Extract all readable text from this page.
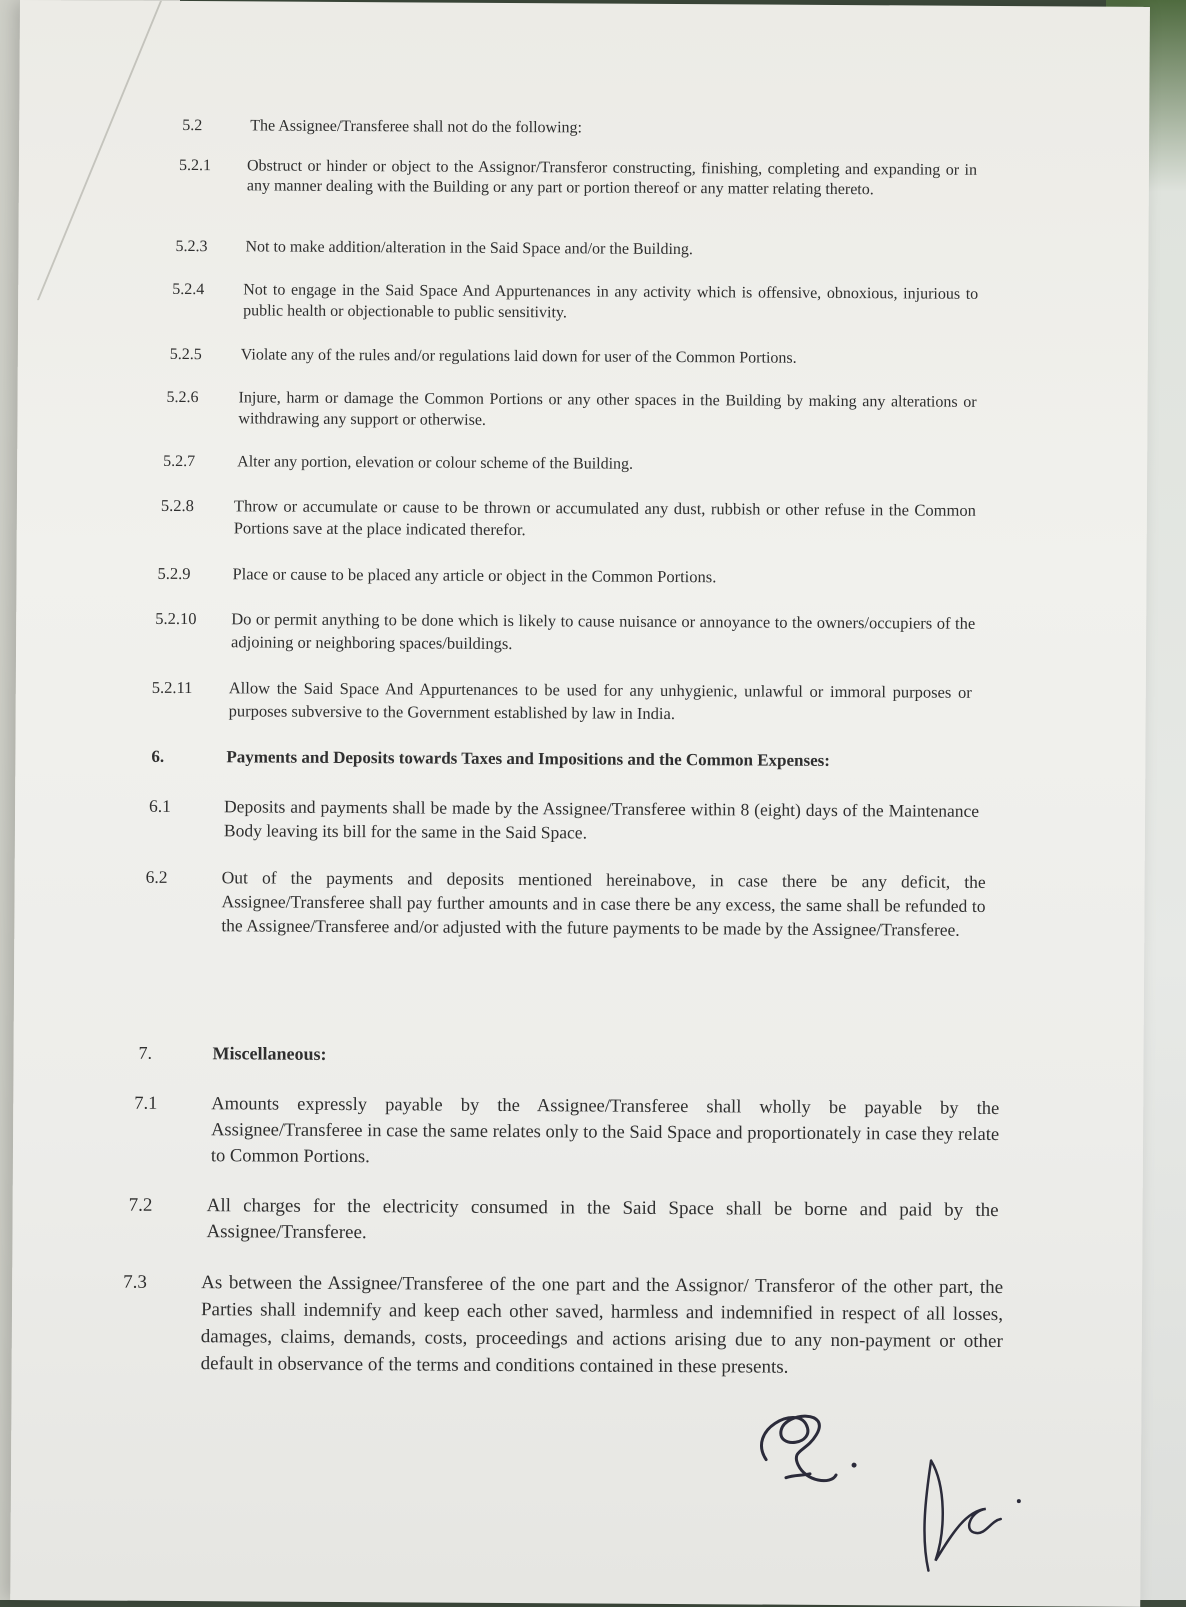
5.2	The Assignee/Transferee shall not do the following:
5.2.1 Obstruct or hinder or object to the Assignor/Transferor constructing, finishing, completing and expanding or in any manner dealing with the Building or any part or portion thereof or any matter relating thereto.
5.2.3 Not to make addition/alteration in the Said Space and/or the Building.
5.2.4 Not to engage in the Said Space And Appurtenances in any activity which is offensive, obnoxious, injurious to public health or objectionable to public sensitivity.
5.2.5 Violate any of the rules and/or regulations laid down for user of the Common Portions.
5.2.6 Injure, harm or damage the Common Portions or any other spaces in the Building by making any alterations or withdrawing any support or otherwise.
5.2.7	Alter any portion, elevation or colour scheme of the Building.
5.2.8 Throw or accumulate or cause to be thrown or accumulated any dust, rubbish or other refuse in the Common Portions save at the place indicated therefor.
5.2.9	Place or cause to be placed any article or object in the Common Portions.
5.2.10 Do or permit anything to be done which is likely to cause nuisance or annoyance to the owners/occupiers of the adjoining or neighboring spaces/buildings.
5.2.11 Allow the Said Space And Appurtenances to be used for any unhygienic, unlawful or immoral purposes or purposes subversive to the Government established by law in India.
6.	Payments and Deposits towards Taxes and Impositions and the Common Expenses:
6.1	Deposits and payments shall be made by the Assignee/Transferee within 8 (eight) days of the Maintenance Body leaving its bill for the same in the Said Space.
6.2	Out of the payments and deposits mentioned hereinabove, in case there be any deficit, the Assignee/Transferee shall pay further amounts and in case there be any excess, the same shall be refunded to the Assignee/Transferee and/or adjusted with the future payments to be made by the Assignee/Transferee.
7.	Miscellaneous:
7.1	Amounts expressly payable by the Assignee/Transferee shall wholly be payable by the Assignee/Transferee in case the same relates only to the Said Space and proportionately in case they relate to Common Portions.
7.2	All charges for the electricity consumed in the Said Space shall be borne and paid by the Assignee/Transferee.
7.3	As between the Assignee/Transferee of the one part and the Assignor/ Transferor of the other part, the Parties shall indemnify and keep each other saved, harmless and indemnified in respect of all losses, damages, claims, demands, costs, proceedings and actions arising due to any non-payment or other default in observance of the terms and conditions contained in these presents.
